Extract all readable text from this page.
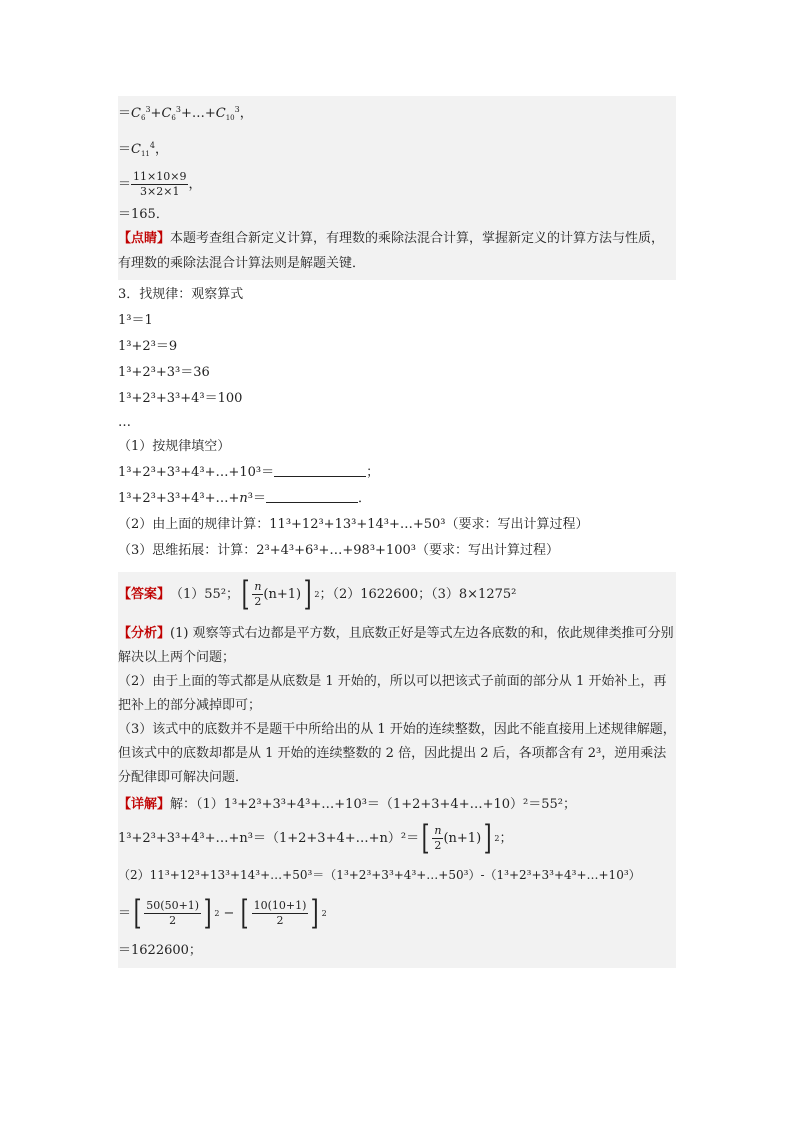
$=C_6^3+C_6^3+\dots+C_{10}^3$，
$=C_{11}^4$，
＝ $\frac{11\times 10\times 9}{3\times 2\times 1}$ ，
＝165．
【点睛】本题考查组合新定义计算，有理数的乘除法混合计算，掌握新定义的计算方法与性质，有理数的乘除法混合计算法则是解题关键．
3．找规律：观察算式
1³＝1
1³+2³＝9
1³+2³+3³＝36
1³+2³+3³+4³＝100
…
（1）按规律填空）
1³+2³+3³+4³+…+10³＝	；
1³+2³+3³+4³+…+n³＝	．
（2）由上面的规律计算：11³+12³+13³+14³+…+50³（要求：写出计算过程）
（3）思维拓展：计算：2³+4³+6³+…+98³+100³（要求：写出计算过程）
【答案】 （1）55²； [ $\frac{n}{2} (n+1)$ ] 2 ；（2）1622600；（3）8×1275²
【分析】(1) 观察等式右边都是平方数，且底数正好是等式左边各底数的和，依此规律类推可分别解决以上两个问题；
（2）由于上面的等式都是从底数是 1 开始的，所以可以把该式子前面的部分从 1 开始补上，再把补上的部分减掉即可；
（3）该式中的底数并不是题干中所给出的从 1 开始的连续整数，因此不能直接用上述规律解题，但该式中的底数却都是从 1 开始的连续整数的 2 倍，因此提出 2 后，各项都含有 2³，逆用乘法分配律即可解决问题．
【详解】解：（1）1³+2³+3³+4³+…+10³＝（1+2+3+4+…+10）²＝55²；
1³+2³+3³+4³+…+n³＝（1+2+3+4+…+n）²＝ [ $\frac{n}{2} (n+1)$ ] 2 ；
（2）11³+12³+13³+14³+…+50³＝（1³+2³+3³+4³+…+50³）-（1³+2³+3³+4³+…+10³）
＝ [ $\frac{50(50+1)}{2}$ ] 2 − [ $\frac{10(10+1)}{2}$ ] 2
＝1622600；
